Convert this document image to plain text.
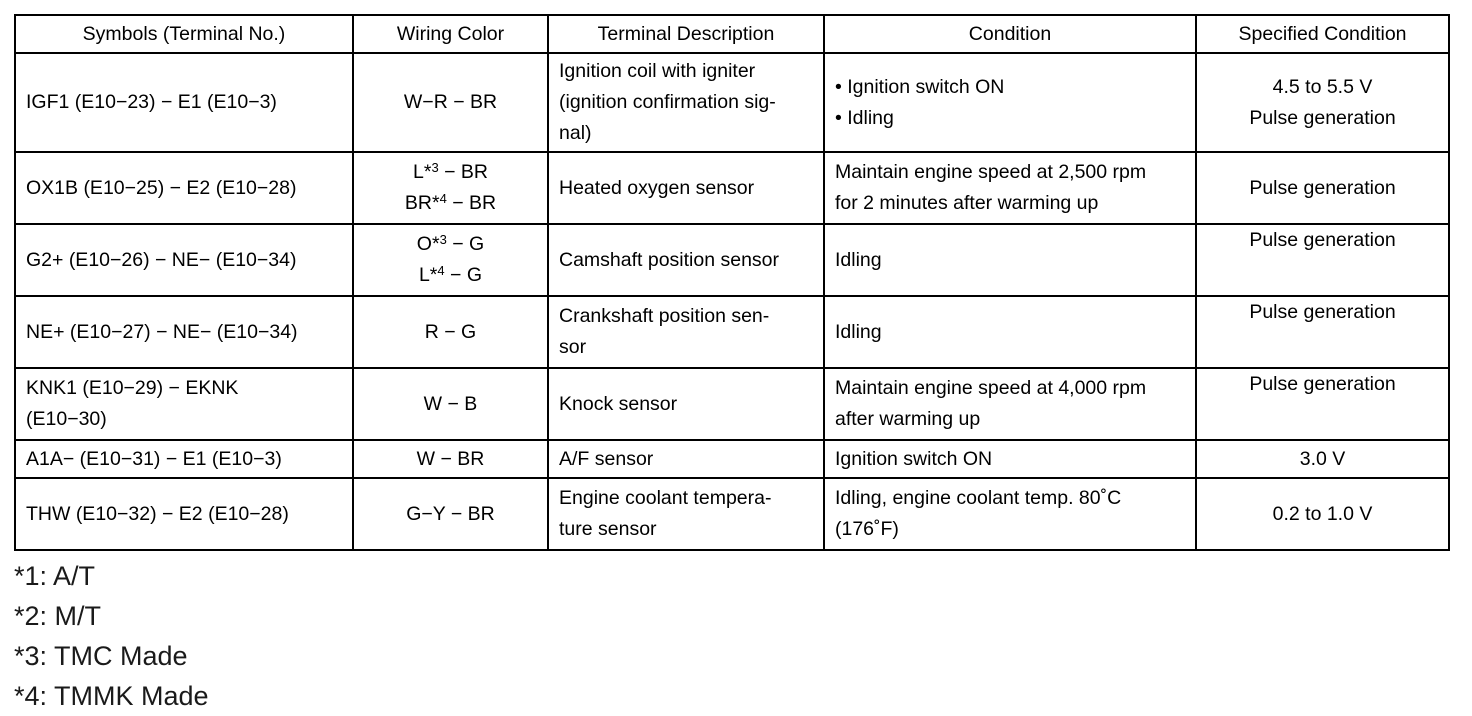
Symbols (Terminal No.)	Wiring Color	Terminal Description	Condition	Specified Condition

IGF1 (E10−23) − E1 (E10−3)	W−R − BR	Ignition coil with igniter
(ignition confirmation sig-
nal)	• Ignition switch ON
• Idling	4.5 to 5.5 V
Pulse generation

OX1B (E10−25) − E2 (E10−28)	L*$^3$ − BR
BR*$^4$ − BR	Heated oxygen sensor	Maintain engine speed at 2,500 rpm
for 2 minutes after warming up	Pulse generation

G2+ (E10−26) − NE− (E10−34)	O*$^3$ − G
L*$^4$ − G	Camshaft position sensor	Idling	Pulse generation

NE+ (E10−27) − NE− (E10−34)	R − G	Crankshaft position sen-
sor	Idling	Pulse generation

KNK1 (E10−29) − EKNK
(E10−30)	W − B	Knock sensor	Maintain engine speed at 4,000 rpm
after warming up	Pulse generation

A1A− (E10−31) − E1 (E10−3)	W − BR	A/F sensor	Ignition switch ON	3.0 V

THW (E10−32) − E2 (E10−28)	G−Y − BR	Engine coolant tempera-
ture sensor	Idling, engine coolant temp. 80˚C
(176˚F)	0.2 to 1.0 V
*1: A/T
*2: M/T
*3: TMC Made
*4: TMMK Made
